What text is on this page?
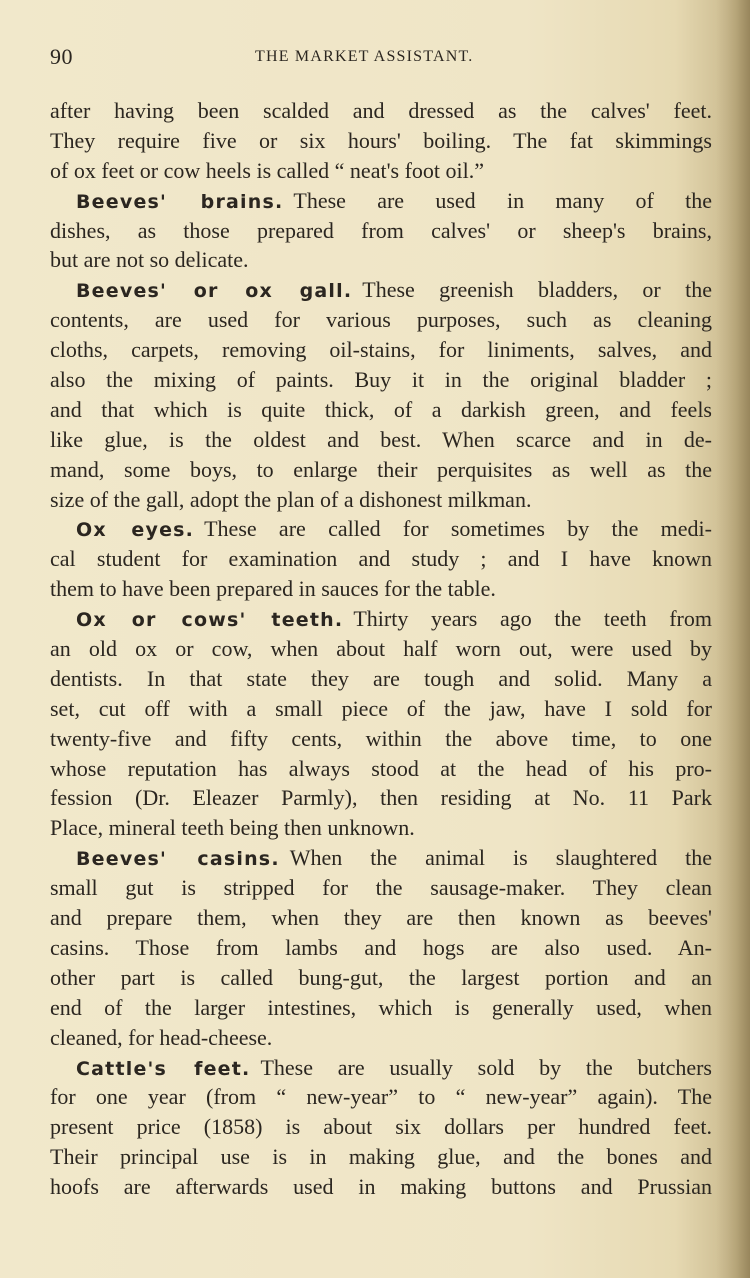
90	THE MARKET ASSISTANT.
after having been scalded and dressed as the calves' feet.
They require five or six hours' boiling. The fat skimmings
of ox feet or cow heels is called “ neat's foot oil.”
Beeves' brains. These are used in many of the
dishes, as those prepared from calves' or sheep's brains,
but are not so delicate.
Beeves' or ox gall. These greenish bladders, or the
contents, are used for various purposes, such as cleaning
cloths, carpets, removing oil-stains, for liniments, salves, and
also the mixing of paints. Buy it in the original bladder ;
and that which is quite thick, of a darkish green, and feels
like glue, is the oldest and best. When scarce and in de-
mand, some boys, to enlarge their perquisites as well as the
size of the gall, adopt the plan of a dishonest milkman.
Ox eyes. These are called for sometimes by the medi-
cal student for examination and study ; and I have known
them to have been prepared in sauces for the table.
Ox or cows' teeth. Thirty years ago the teeth from
an old ox or cow, when about half worn out, were used by
dentists. In that state they are tough and solid. Many a
set, cut off with a small piece of the jaw, have I sold for
twenty-five and fifty cents, within the above time, to one
whose reputation has always stood at the head of his pro-
fession (Dr. Eleazer Parmly), then residing at No. 11 Park
Place, mineral teeth being then unknown.
Beeves' casins. When the animal is slaughtered the
small gut is stripped for the sausage-maker. They clean
and prepare them, when they are then known as beeves'
casins. Those from lambs and hogs are also used. An-
other part is called bung-gut, the largest portion and an
end of the larger intestines, which is generally used, when
cleaned, for head-cheese.
Cattle's feet. These are usually sold by the butchers
for one year (from “ new-year” to “ new-year” again). The
present price (1858) is about six dollars per hundred feet.
Their principal use is in making glue, and the bones and
hoofs are afterwards used in making buttons and Prussian
